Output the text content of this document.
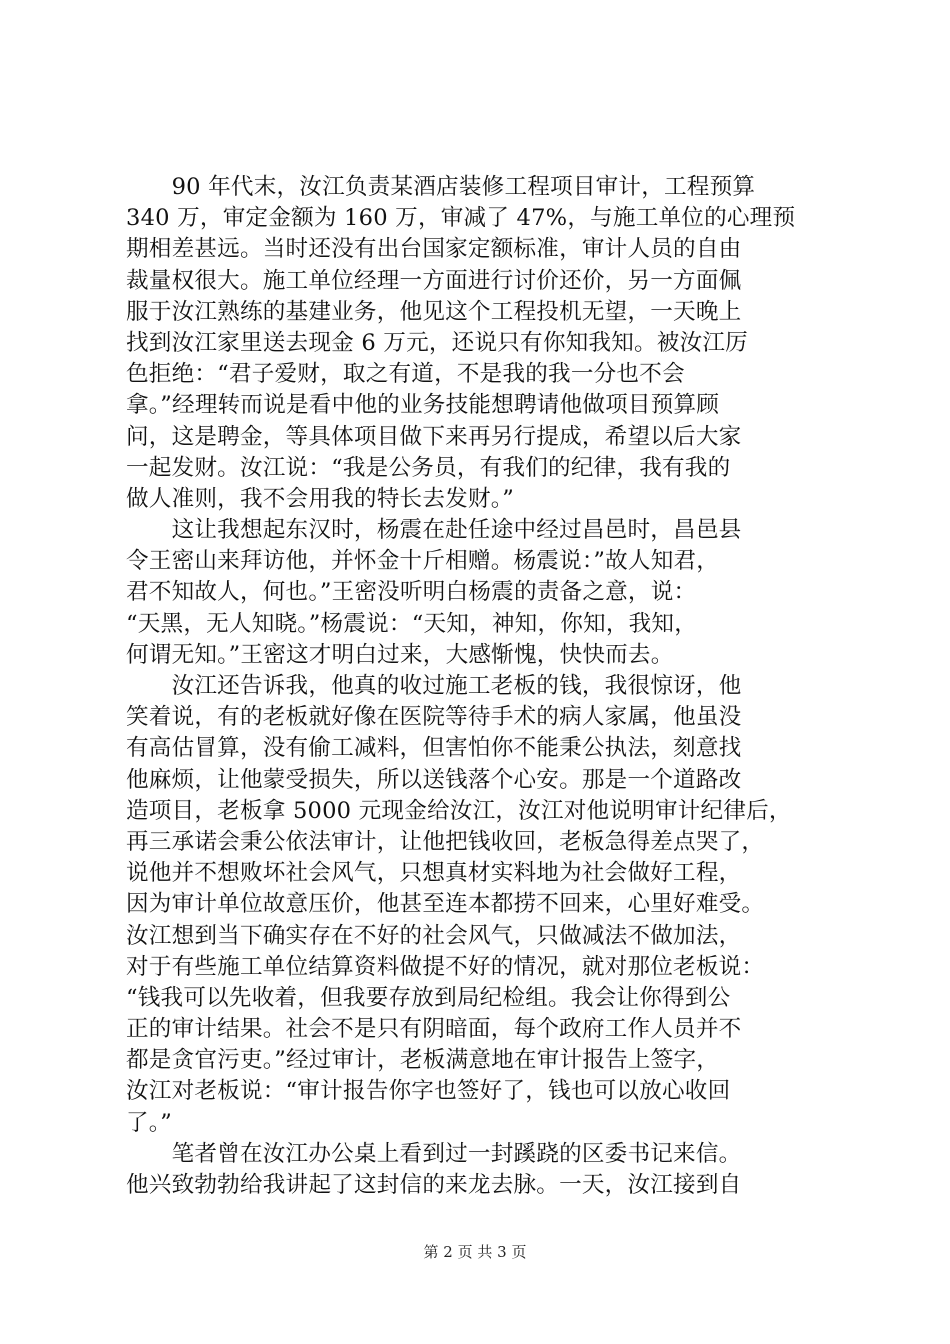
　　90 年代末，汝江负责某酒店装修工程项目审计，工程预算
340 万，审定金额为 160 万，审减了 47%，与施工单位的心理预
期相差甚远。当时还没有出台国家定额标准，审计人员的自由
裁量权很大。施工单位经理一方面进行讨价还价，另一方面佩
服于汝江熟练的基建业务，他见这个工程投机无望，一天晚上
找到汝江家里送去现金 6 万元，还说只有你知我知。被汝江厉
色拒绝：“君子爱财，取之有道，不是我的我一分也不会
拿。”经理转而说是看中他的业务技能想聘请他做项目预算顾
问，这是聘金，等具体项目做下来再另行提成，希望以后大家
一起发财。汝江说：“我是公务员，有我们的纪律，我有我的
做人准则，我不会用我的特长去发财。”
　　这让我想起东汉时，杨震在赴任途中经过昌邑时，昌邑县
令王密山来拜访他，并怀金十斤相赠。杨震说：”故人知君，
君不知故人，何也。”王密没听明白杨震的责备之意，说：
“天黑，无人知晓。”杨震说：“天知，神知，你知，我知，
何谓无知。”王密这才明白过来，大感惭愧，快快而去。
　　汝江还告诉我，他真的收过施工老板的钱，我很惊讶，他
笑着说，有的老板就好像在医院等待手术的病人家属，他虽没
有高估冒算，没有偷工减料，但害怕你不能秉公执法，刻意找
他麻烦，让他蒙受损失，所以送钱落个心安。那是一个道路改
造项目，老板拿 5000 元现金给汝江，汝江对他说明审计纪律后，
再三承诺会秉公依法审计，让他把钱收回，老板急得差点哭了，
说他并不想败坏社会风气，只想真材实料地为社会做好工程，
因为审计单位故意压价，他甚至连本都捞不回来，心里好难受。
汝江想到当下确实存在不好的社会风气，只做减法不做加法，
对于有些施工单位结算资料做提不好的情况，就对那位老板说：
“钱我可以先收着，但我要存放到局纪检组。我会让你得到公
正的审计结果。社会不是只有阴暗面，每个政府工作人员并不
都是贪官污吏。”经过审计，老板满意地在审计报告上签字，
汝江对老板说：“审计报告你字也签好了，钱也可以放心收回
了。”
　　笔者曾在汝江办公桌上看到过一封蹊跷的区委书记来信。
他兴致勃勃给我讲起了这封信的来龙去脉。一天，汝江接到自
第 2 页 共 3 页
